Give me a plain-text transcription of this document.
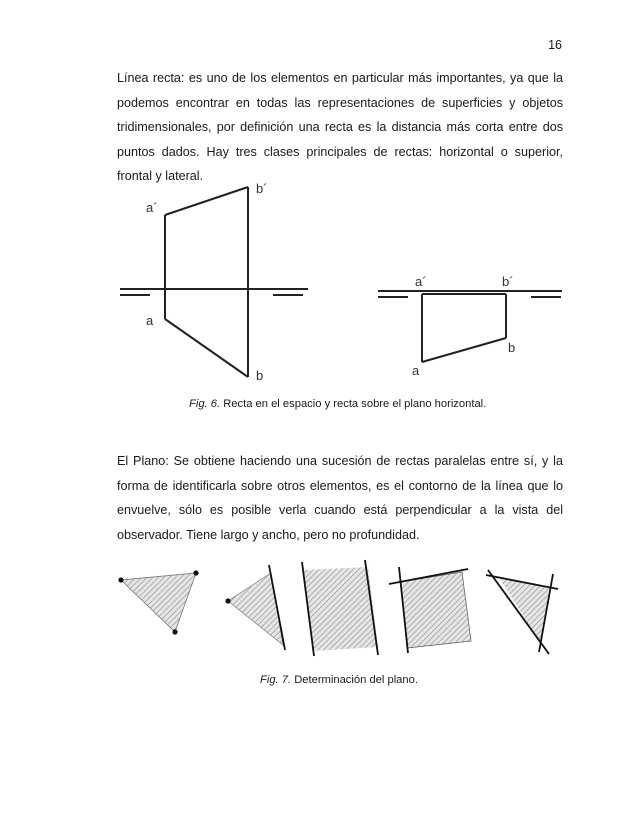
16

Línea recta: es uno de los elementos en particular más importantes, ya que la podemos encontrar en todas las representaciones de superficies y objetos tridimensionales, por definición una recta es la distancia más corta entre dos puntos dados. Hay tres clases principales de rectas: horizontal o superior, frontal y lateral.

a´
b´
a
b
a´	b´
a
b
Fig. 6. Recta en el espacio y recta sobre el plano horizontal.

El Plano: Se obtiene haciendo una sucesión de rectas paralelas entre sí, y la forma de identificarla sobre otros elementos, es el contorno de la línea que lo envuelve, sólo es posible verla cuando está perpendicular a la vista del observador. Tiene largo y ancho, pero no profundidad.

Fig. 7. Determinación del plano.
